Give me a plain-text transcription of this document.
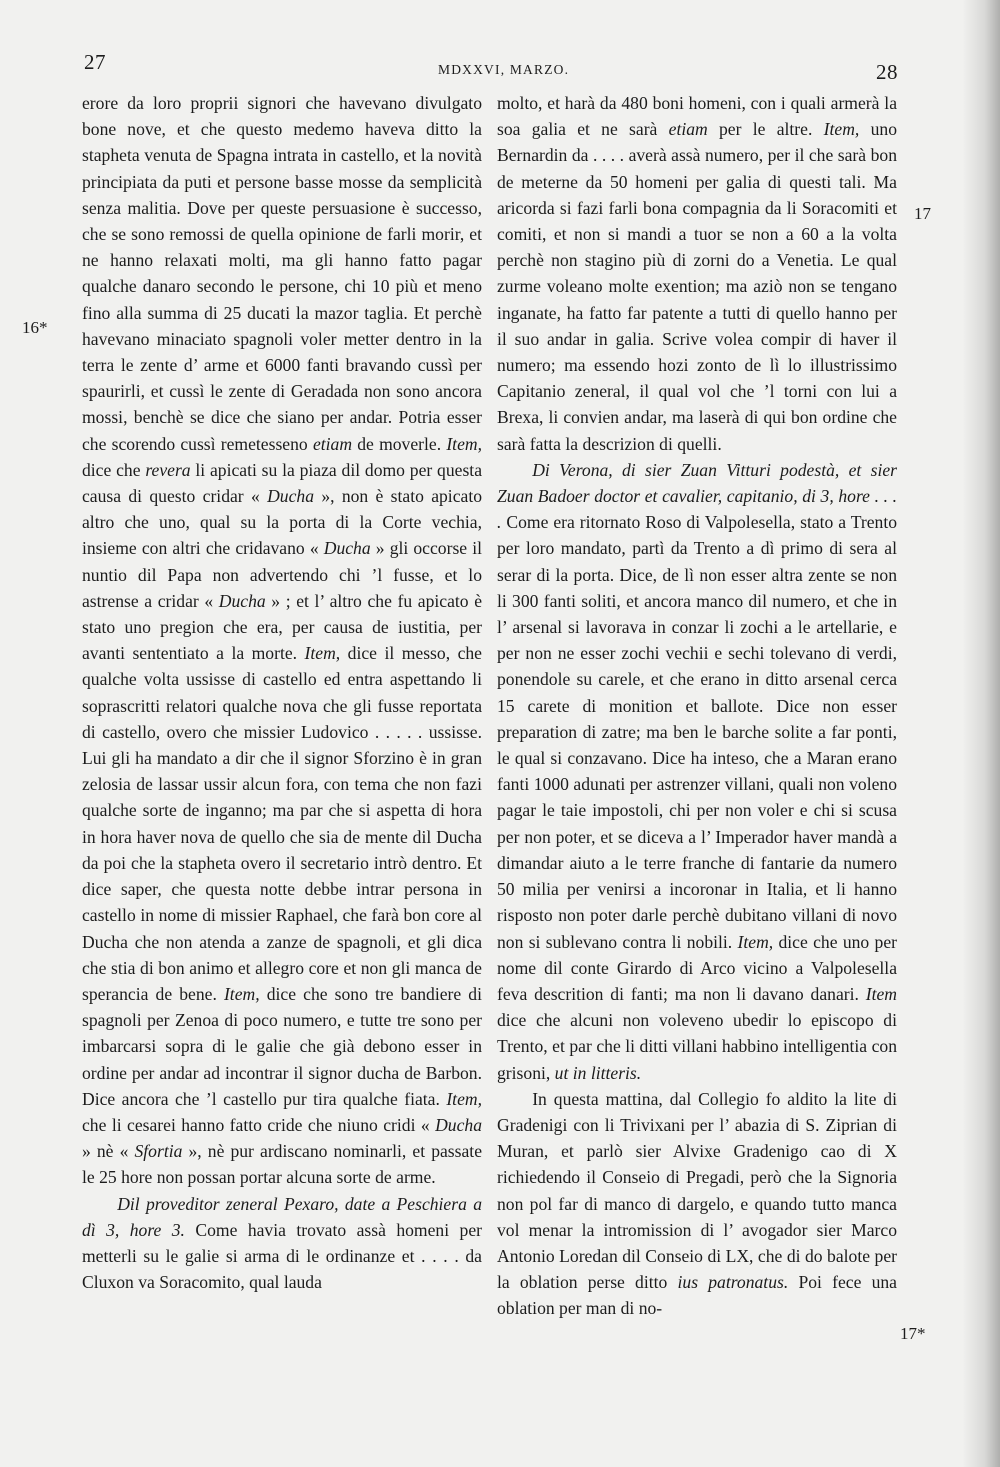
27	MDXXVI, MARZO.	28
16*
17
17*

erore da loro proprii signori che havevano divulgato bone nove, et che questo medemo haveva ditto la stapheta venuta de Spagna intrata in castello, et la novità principiata da puti et persone basse mosse da semplicità senza malitia. Dove per queste persuasione è successo, che se sono remossi de quella opinione de farli morir, et ne hanno relaxati molti, ma gli hanno fatto pagar qualche danaro secondo le persone, chi 10 più et meno fino alla summa di 25 ducati la mazor taglia. Et perchè havevano minaciato spagnoli voler metter dentro in la terra le zente d’ arme et 6000 fanti bravando cussì per spaurirli, et cussì le zente di Geradada non sono ancora mossi, benchè se dice che siano per andar. Potria esser che scorendo cussì remetesseno etiam de moverle. Item, dice che revera li apicati su la piaza dil domo per questa causa di questo cridar « Ducha », non è stato apicato altro che uno, qual su la porta di la Corte vechia, insieme con altri che cridavano « Ducha » gli occorse il nuntio dil Papa non advertendo chi ’l fusse, et lo astrense a cridar « Ducha » ; et l’ altro che fu apicato è stato uno pregion che era, per causa de iustitia, per avanti sententiato a la morte. Item, dice il messo, che qualche volta ussisse di castello ed entra aspettando li soprascritti relatori qualche nova che gli fusse reportata di castello, overo che missier Ludovico . . . . . ussisse. Lui gli ha mandato a dir che il signor Sforzino è in gran zelosia de lassar ussir alcun fora, con tema che non fazi qualche sorte de inganno; ma par che si aspetta di hora in hora haver nova de quello che sia de mente dil Ducha da poi che la stapheta overo il secretario intrò dentro. Et dice saper, che questa notte debbe intrar persona in castello in nome di missier Raphael, che farà bon core al Ducha che non atenda a zanze de spagnoli, et gli dica che stia di bon animo et allegro core et non gli manca de sperancia de bene. Item, dice che sono tre bandiere di spagnoli per Zenoa di poco numero, e tutte tre sono per imbarcarsi sopra di le galie che già debono esser in ordine per andar ad incontrar il signor ducha de Barbon. Dice ancora che ’l castello pur tira qualche fiata. Item, che li cesarei hanno fatto cride che niuno cridi « Ducha » nè « Sfortia », nè pur ardiscano nominarli, et passate le 25 hore non possan portar alcuna sorte de arme.

Dil proveditor zeneral Pexaro, date a Peschiera a dì 3, hore 3. Come havia trovato assà homeni per metterli su le galie si arma di le ordinanze et . . . . da Cluxon va Soracomito, qual lauda

molto, et harà da 480 boni homeni, con i quali armerà la soa galia et ne sarà etiam per le altre. Item, uno Bernardin da . . . . averà assà numero, per il che sarà bon de meterne da 50 homeni per galia di questi tali. Ma aricorda si fazi farli bona compagnia da li Soracomiti et comiti, et non si mandi a tuor se non a 60 a la volta perchè non stagino più di zorni do a Venetia. Le qual zurme voleano molte exention; ma aziò non se tengano inganate, ha fatto far patente a tutti di quello hanno per il suo andar in galia. Scrive volea compir di haver il numero; ma essendo hozi zonto de lì lo illustrissimo Capitanio zeneral, il qual vol che ’l torni con lui a Brexa, li convien andar, ma laserà di qui bon ordine che sarà fatta la descrizion di quelli.

Di Verona, di sier Zuan Vitturi podestà, et sier Zuan Badoer doctor et cavalier, capitanio, di 3, hore . . . . Come era ritornato Roso di Valpolesella, stato a Trento per loro mandato, partì da Trento a dì primo di sera al serar di la porta. Dice, de lì non esser altra zente se non li 300 fanti soliti, et ancora manco dil numero, et che in l’ arsenal si lavorava in conzar li zochi a le artellarie, e per non ne esser zochi vechii e sechi tolevano di verdi, ponendole su carele, et che erano in ditto arsenal cerca 15 carete di monition et ballote. Dice non esser preparation di zatre; ma ben le barche solite a far ponti, le qual si conzavano. Dice ha inteso, che a Maran erano fanti 1000 adunati per astrenzer villani, quali non voleno pagar le taie impostoli, chi per non voler e chi si scusa per non poter, et se diceva a l’ Imperador haver mandà a dimandar aiuto a le terre franche di fantarie da numero 50 milia per venirsi a incoronar in Italia, et li hanno risposto non poter darle perchè dubitano villani di novo non si sublevano contra li nobili. Item, dice che uno per nome dil conte Girardo di Arco vicino a Valpolesella feva descrition di fanti; ma non li davano danari. Item dice che alcuni non voleveno ubedir lo episcopo di Trento, et par che li ditti villani habbino intelligentia con grisoni, ut in litteris.

In questa mattina, dal Collegio fo aldito la lite di Gradenigi con li Trivixani per l’ abazia di S. Ziprian di Muran, et parlò sier Alvixe Gradenigo cao di X richiedendo il Conseio di Pregadi, però che la Signoria non pol far di manco di dargelo, e quando tutto manca vol menar la intromission di l’ avogador sier Marco Antonio Loredan dil Conseio di LX, che di do balote per la oblation perse ditto ius patronatus. Poi fece una oblation per man di no-
